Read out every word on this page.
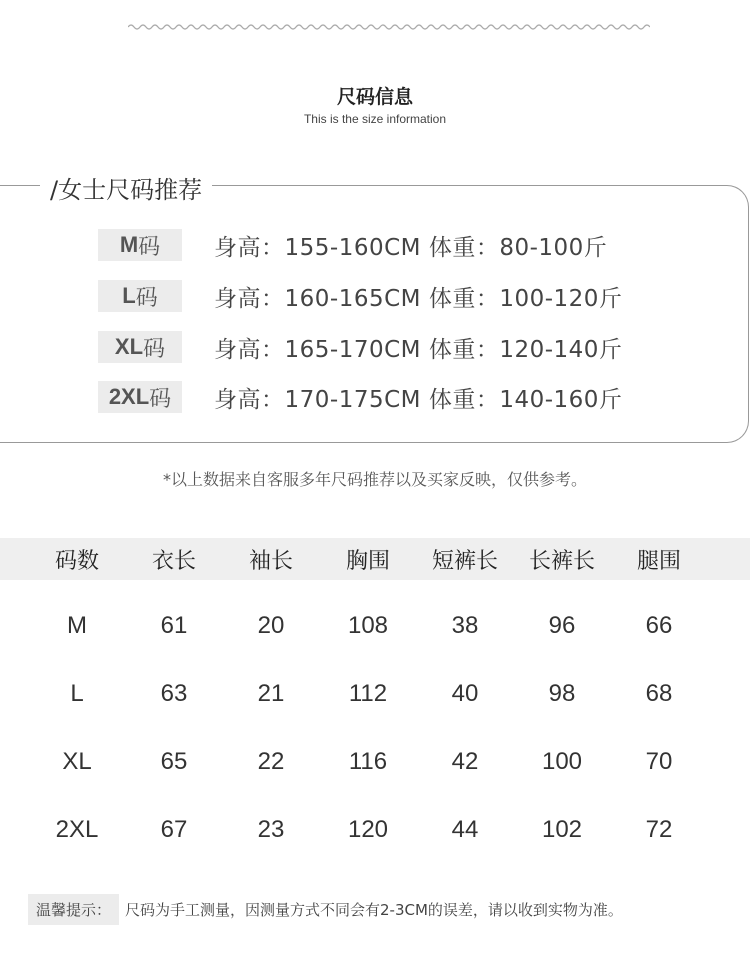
尺码信息
This is the size information
/女士尺码推荐
M 码 身高：155-160CM 体重：80-100斤
L 码 身高：160-165CM 体重：100-120斤
XL 码 身高：165-170CM 体重：120-140斤
2XL 码 身高：170-175CM 体重：140-160斤
*以上数据来自客服多年尺码推荐以及买家反映，仅供参考。
码数	衣长	袖长	胸围	短裤长	长裤长	腿围
M	61	20	108	38	96	66
L	63	21	112	40	98	68
XL	65	22	116	42	100	70
2XL	67	23	120	44	102	72
温馨提示： 尺码为手工测量，因测量方式不同会有2-3CM的误差，请以收到实物为准。
